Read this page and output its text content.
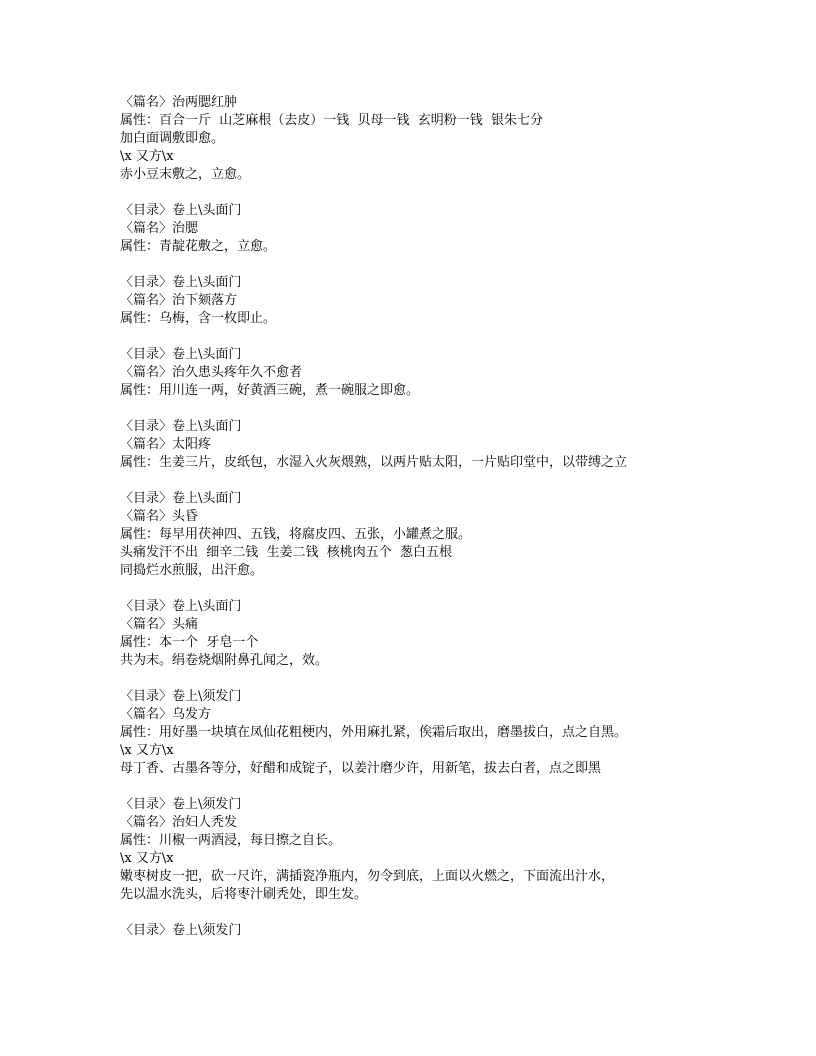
〈篇名〉治两腮红肿
属性：百合一斤  山芝麻根（去皮）一钱  贝母一钱  玄明粉一钱  银朱七分
加白面调敷即愈。
\x 又方\x
赤小豆末敷之，立愈。
〈目录〉卷上\头面门
〈篇名〉治腮
属性：青靛花敷之，立愈。
〈目录〉卷上\头面门
〈篇名〉治下颏落方
属性：乌梅，含一枚即止。
〈目录〉卷上\头面门
〈篇名〉治久患头疼年久不愈者
属性：用川连一两，好黄酒三碗，煮一碗服之即愈。
〈目录〉卷上\头面门
〈篇名〉太阳疼
属性：生姜三片，皮纸包，水湿入火灰煨熟，以两片贴太阳，一片贴印堂中，以带缚之立
〈目录〉卷上\头面门
〈篇名〉头昏
属性：每早用茯神四、五钱，将腐皮四、五张，小罐煮之服。
头痛发汗不出  细辛二钱  生姜二钱  核桃肉五个  葱白五根
同捣烂水煎服，出汗愈。
〈目录〉卷上\头面门
〈篇名〉头痛
属性：本一个  牙皂一个
共为末。绢卷烧烟附鼻孔闻之，效。
〈目录〉卷上\须发门
〈篇名〉乌发方
属性：用好墨一块填在凤仙花粗梗内，外用麻扎紧，俟霜后取出，磨墨拔白，点之自黑。
\x 又方\x
母丁香、古墨各等分，好醋和成锭子，以姜汁磨少许，用新笔，拔去白者，点之即黑
〈目录〉卷上\须发门
〈篇名〉治妇人秃发
属性：川椒一两酒浸，每日擦之自长。
\x 又方\x
嫩枣树皮一把，砍一尺许，满插瓷净瓶内，勿令到底，上面以火燃之，下面流出汁水，
先以温水洗头，后将枣汁刷秃处，即生发。
〈目录〉卷上\须发门
